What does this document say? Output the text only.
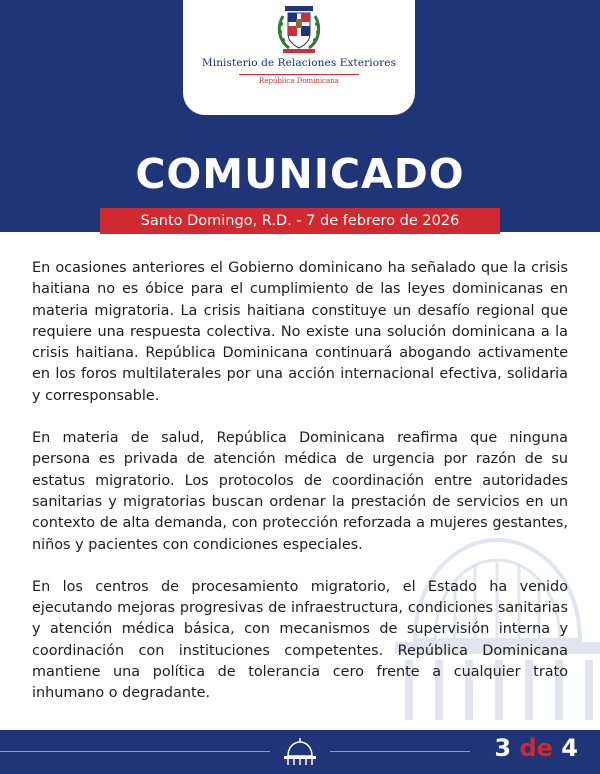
Ministerio de Relaciones Exteriores
República Dominicana
COMUNICADO
Santo Domingo, R.D. - 7 de febrero de 2026

En ocasiones anteriores el Gobierno dominicano ha señalado que la crisis haitiana no es óbice para el cumplimiento de las leyes dominicanas en materia migratoria. La crisis haitiana constituye un desafío regional que requiere una respuesta colectiva. No existe una solución dominicana a la crisis haitiana. República Dominicana continuará abogando activamente en los foros multilaterales por una acción internacional efectiva, solidaria y corresponsable.

En materia de salud, República Dominicana reafirma que ninguna persona es privada de atención médica de urgencia por razón de su estatus migratorio. Los protocolos de coordinación entre autoridades sanitarias y migratorias buscan ordenar la prestación de servicios en un contexto de alta demanda, con protección reforzada a mujeres gestantes, niños y pacientes con condiciones especiales.

En los centros de procesamiento migratorio, el Estado ha venido ejecutando mejoras progresivas de infraestructura, condiciones sanitarias y atención médica básica, con mecanismos de supervisión interna y coordinación con instituciones competentes. República Dominicana mantiene una política de tolerancia cero frente a cualquier trato inhumano o degradante.

3 de 4
